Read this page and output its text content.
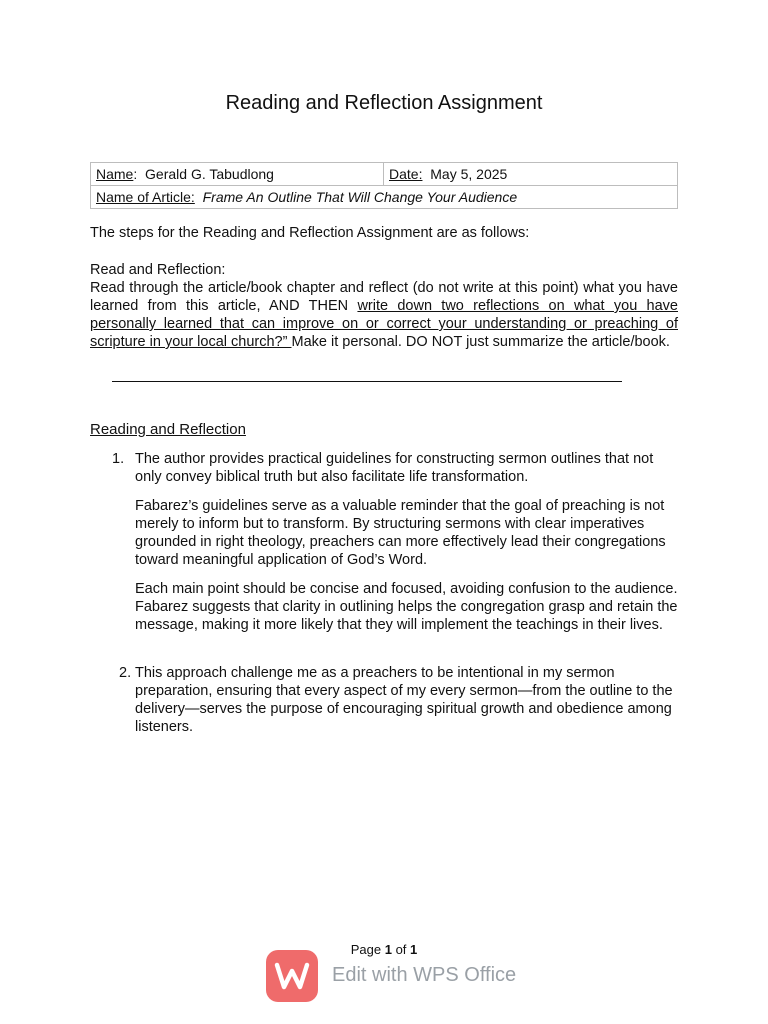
Reading and Reflection Assignment
Name:  Gerald G. Tabudlong	Date: May 5, 2025
Name of Article: Frame An Outline That Will Change Your Audience
The steps for the Reading and Reflection Assignment are as follows:
Read and Reflection:
Read through the article/book chapter and reflect (do not write at this point) what you have learned from this article, AND THEN write down two reflections on what you have personally learned that can improve on or correct your understanding or preaching of scripture in your local church?” Make it personal. DO NOT just summarize the article/book.
Reading and Reflection
1. The author provides practical guidelines for constructing sermon outlines that not only convey biblical truth but also facilitate life transformation.
Fabarez’s guidelines serve as a valuable reminder that the goal of preaching is not merely to inform but to transform. By structuring sermons with clear imperatives grounded in right theology, preachers can more effectively lead their congregations toward meaningful application of God’s Word.
Each main point should be concise and focused, avoiding confusion to the audience. Fabarez suggests that clarity in outlining helps the congregation grasp and retain the message, making it more likely that they will implement the teachings in their lives.
2. This approach challenge me as a preachers to be intentional in my sermon preparation, ensuring that every aspect of my every sermon—from the outline to the delivery—serves the purpose of encouraging spiritual growth and obedience among listeners.
Page 1 of 1
Edit with WPS Office
